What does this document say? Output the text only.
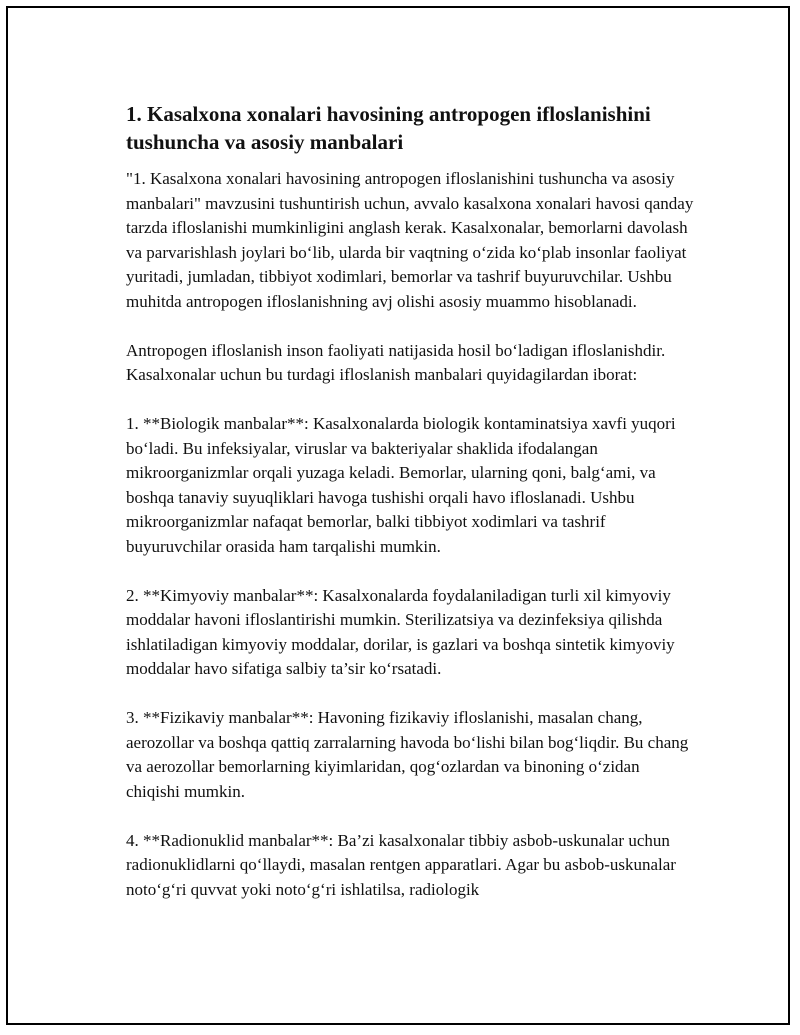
1. Kasalxona xonalari havosining antropogen ifloslanishini tushuncha va asosiy manbalari

"1. Kasalxona xonalari havosining antropogen ifloslanishini tushuncha va asosiy manbalari" mavzusini tushuntirish uchun, avvalo kasalxona xonalari havosi qanday tarzda ifloslanishi mumkinligini anglash kerak. Kasalxonalar, bemorlarni davolash va parvarishlash joylari bo‘lib, ularda bir vaqtning o‘zida ko‘plab insonlar faoliyat yuritadi, jumladan, tibbiyot xodimlari, bemorlar va tashrif buyuruvchilar. Ushbu muhitda antropogen ifloslanishning avj olishi asosiy muammo hisoblanadi.

Antropogen ifloslanish inson faoliyati natijasida hosil bo‘ladigan ifloslanishdir. Kasalxonalar uchun bu turdagi ifloslanish manbalari quyidagilardan iborat:

1. **Biologik manbalar**: Kasalxonalarda biologik kontaminatsiya xavfi yuqori bo‘ladi. Bu infeksiyalar, viruslar va bakteriyalar shaklida ifodalangan mikroorganizmlar orqali yuzaga keladi. Bemorlar, ularning qoni, balg‘ami, va boshqa tanaviy suyuqliklari havoga tushishi orqali havo ifloslanadi. Ushbu mikroorganizmlar nafaqat bemorlar, balki tibbiyot xodimlari va tashrif buyuruvchilar orasida ham tarqalishi mumkin.

2. **Kimyoviy manbalar**: Kasalxonalarda foydalaniladigan turli xil kimyoviy moddalar havoni ifloslantirishi mumkin. Sterilizatsiya va dezinfeksiya qilishda ishlatiladigan kimyoviy moddalar, dorilar, is gazlari va boshqa sintetik kimyoviy moddalar havo sifatiga salbiy ta’sir ko‘rsatadi.

3. **Fizikaviy manbalar**: Havoning fizikaviy ifloslanishi, masalan chang, aerozollar va boshqa qattiq zarralarning havoda bo‘lishi bilan bog‘liqdir. Bu chang va aerozollar bemorlarning kiyimlaridan, qog‘ozlardan va binoning o‘zidan chiqishi mumkin.

4. **Radionuklid manbalar**: Ba’zi kasalxonalar tibbiy asbob-uskunalar uchun radionuklidlarni qo‘llaydi, masalan rentgen apparatlari. Agar bu asbob-uskunalar noto‘g‘ri quvvat yoki noto‘g‘ri ishlatilsa, radiologik
